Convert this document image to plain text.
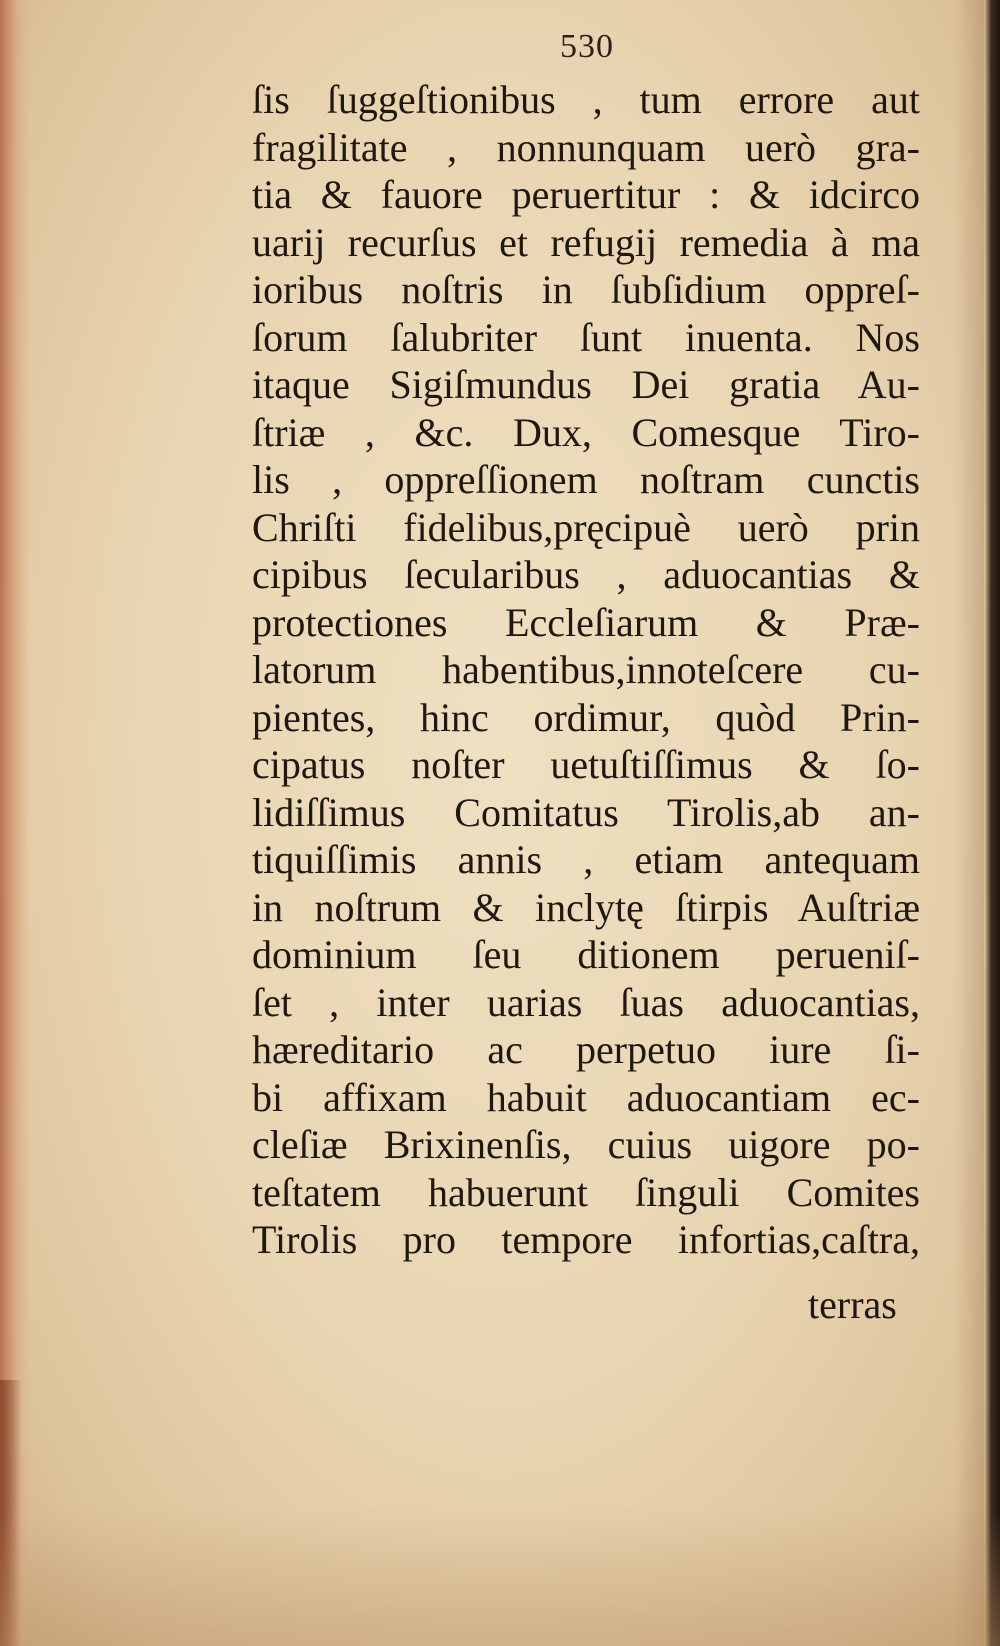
530
ſis ſuggeſtionibus , tum errore aut
fragilitate , nonnunquam uerò gra-
tia & fauore peruertitur : & idcirco
uarij recurſus et refugij remedia à ma
ioribus noſtris in ſubſidium oppreſ-
ſorum ſalubriter ſunt inuenta. Nos
itaque Sigiſmundus Dei gratia Au-
ſtriæ , &c. Dux, Comesque Tiro-
lis , oppreſſionem noſtram cunctis
Chriſti fidelibus,pręcipuè uerò prin
cipibus ſecularibus , aduocantias &
protectiones Eccleſiarum & Præ-
latorum habentibus,innoteſcere cu-
pientes, hinc ordimur, quòd Prin-
cipatus noſter uetuſtiſſimus & ſo-
lidiſſimus Comitatus Tirolis,ab an-
tiquiſſimis annis , etiam antequam
in noſtrum & inclytę ſtirpis Auſtriæ
dominium ſeu ditionem perueniſ-
ſet , inter uarias ſuas aduocantias,
hæreditario ac perpetuo iure ſi-
bi affixam habuit aduocantiam ec-
cleſiæ Brixinenſis, cuius uigore po-
teſtatem habuerunt ſinguli Comites
Tirolis pro tempore infortias,caſtra,
terras
